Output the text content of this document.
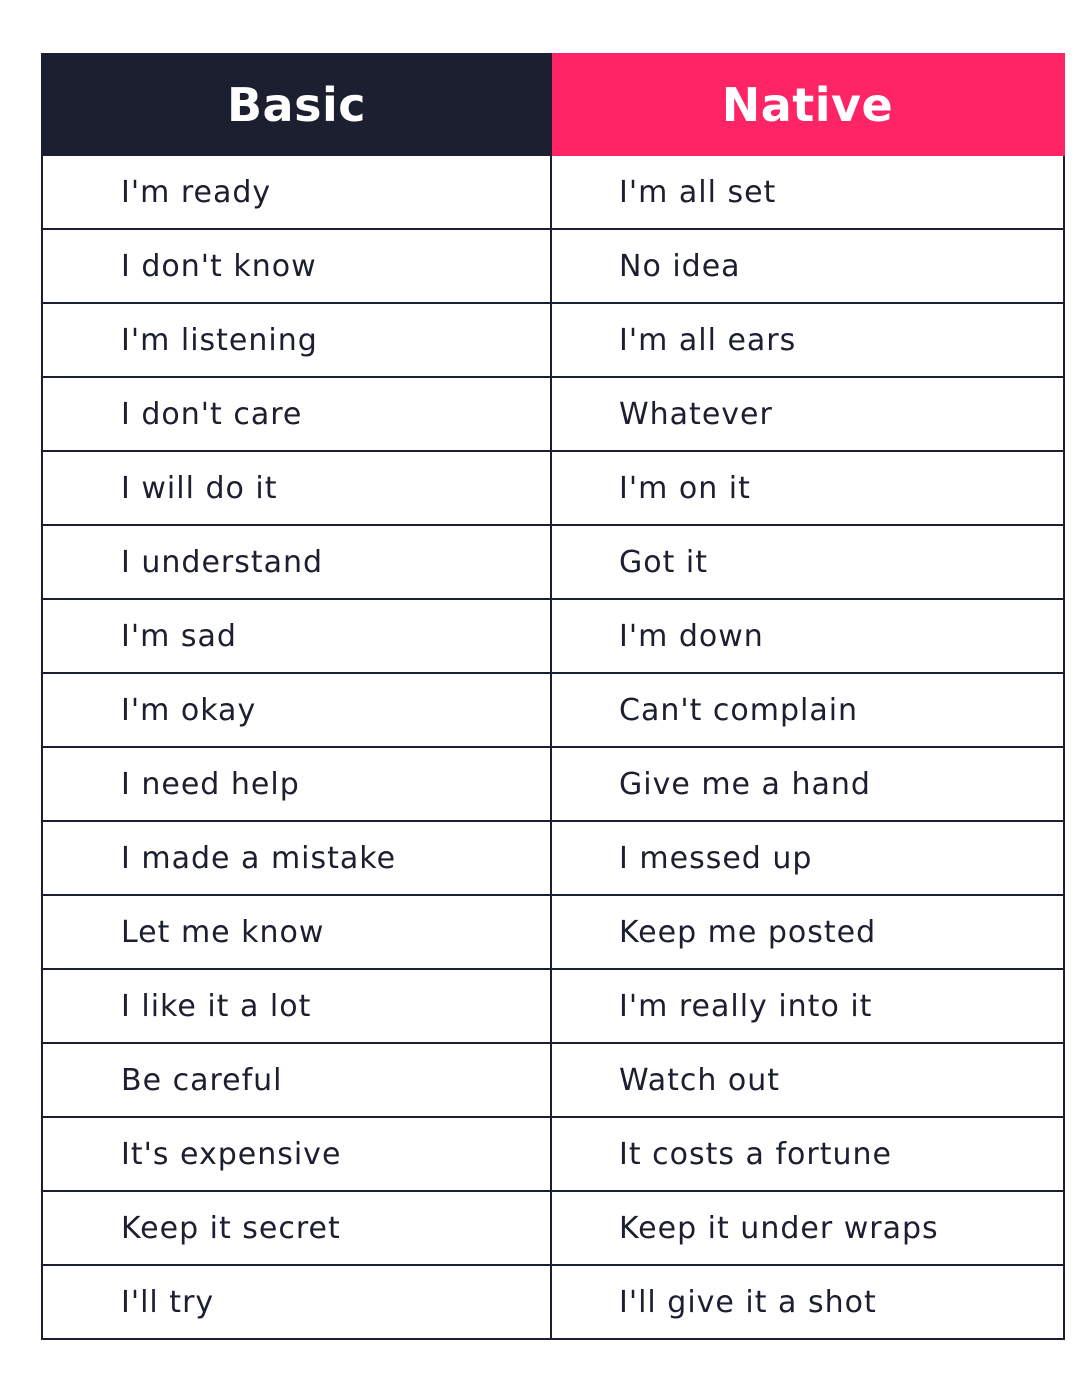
Basic	Native
I'm ready	I'm all set
I don't know	No idea
I'm listening	I'm all ears
I don't care	Whatever
I will do it	I'm on it
I understand	Got it
I'm sad	I'm down
I'm okay	Can't complain
I need help	Give me a hand
I made a mistake	I messed up
Let me know	Keep me posted
I like it a lot	I'm really into it
Be careful	Watch out
It's expensive	It costs a fortune
Keep it secret	Keep it under wraps
I'll try	I'll give it a shot
